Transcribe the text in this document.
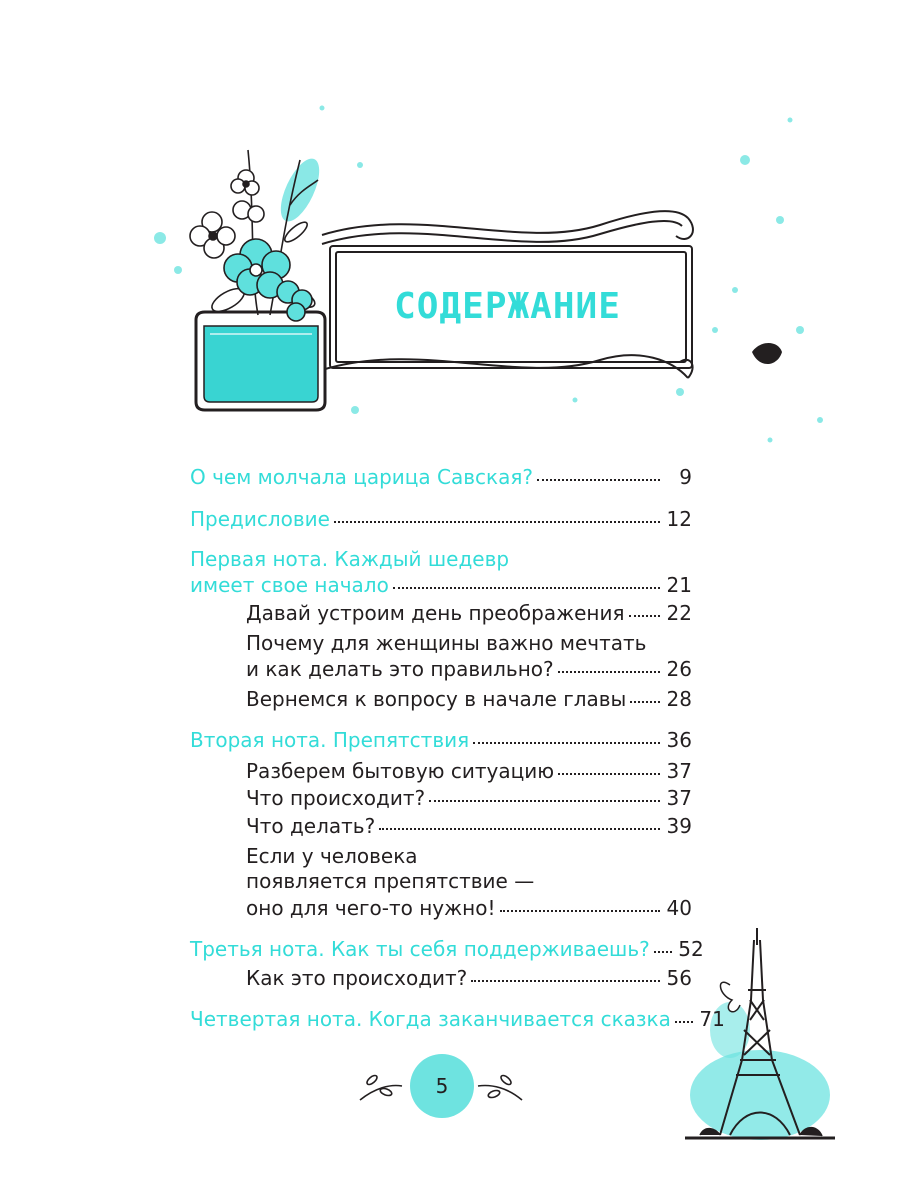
СОДЕРЖАНИЕ
О чем молчала царица Савская?	9
Предисловие	12
Первая нота. Каждый шедевр
имеет свое начало	21
Давай устроим день преображения 22
Почему для женщины важно мечтать
и как делать это правильно?	26
Вернемся к вопросу в начале главы 28
Вторая нота. Препятствия	36
Разберем бытовую ситуацию	37
Что происходит?	37
Что делать?	39
Если у человека
появляется препятствие —
оно для чего-то нужно!	40
Третья нота. Как ты себя поддерживаешь? 52
Как это происходит?	56
Четвертая нота. Когда заканчивается сказка 71
5
